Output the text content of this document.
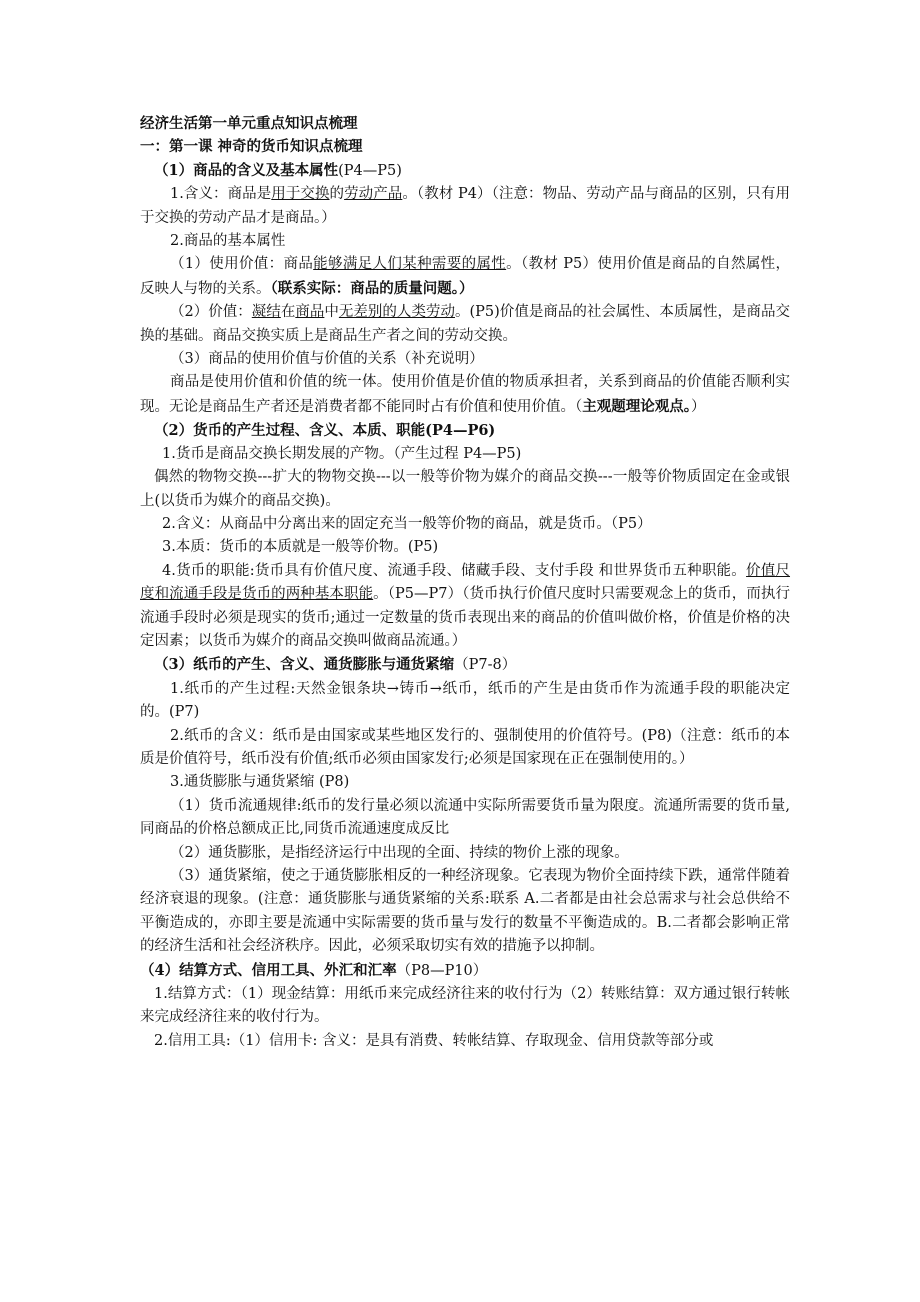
经济生活第一单元重点知识点梳理

一：第一课 神奇的货币知识点梳理

（1）商品的含义及基本属性(P4—P5)

1.含义：商品是用于交换的劳动产品。（教材 P4）（注意：物品、劳动产品与商品的区别，只有用于交换的劳动产品才是商品。）

2.商品的基本属性

（1）使用价值：商品能够满足人们某种需要的属性。（教材 P5）使用价值是商品的自然属性，反映人与物的关系。（联系实际：商品的质量问题。）

（2）价值：凝结在商品中无差别的人类劳动。(P5)价值是商品的社会属性、本质属性，是商品交换的基础。商品交换实质上是商品生产者之间的劳动交换。

（3）商品的使用价值与价值的关系（补充说明）

商品是使用价值和价值的统一体。使用价值是价值的物质承担者，关系到商品的价值能否顺利实现。无论是商品生产者还是消费者都不能同时占有价值和使用价值。（主观题理论观点。）

（2）货币的产生过程、含义、本质、职能(P4—P6)

1.货币是商品交换长期发展的产物。（产生过程 P4—P5)

偶然的物物交换---扩大的物物交换---以一般等价物为媒介的商品交换---一般等价物质固定在金或银上(以货币为媒介的商品交换)。

2.含义：从商品中分离出来的固定充当一般等价物的商品，就是货币。（P5）

3.本质：货币的本质就是一般等价物。(P5)

4.货币的职能:货币具有价值尺度、流通手段、储藏手段、支付手段 和世界货币五种职能。价值尺度和流通手段是货币的两种基本职能。（P5—P7）（货币执行价值尺度时只需要观念上的货币，而执行流通手段时必须是现实的货币;通过一定数量的货币表现出来的商品的价值叫做价格，价值是价格的决定因素；以货币为媒介的商品交换叫做商品流通。）

（3）纸币的产生、含义、通货膨胀与通货紧缩（P7-8）

1.纸币的产生过程:天然金银条块→铸币→纸币，纸币的产生是由货币作为流通手段的职能决定的。(P7)

2.纸币的含义：纸币是由国家或某些地区发行的、强制使用的价值符号。(P8)（注意：纸币的本质是价值符号，纸币没有价值;纸币必须由国家发行;必须是国家现在正在强制使用的。）

3.通货膨胀与通货紧缩 (P8)

（1）货币流通规律:纸币的发行量必须以流通中实际所需要货币量为限度。流通所需要的货币量,同商品的价格总额成正比,同货币流通速度成反比

（2）通货膨胀，是指经济运行中出现的全面、持续的物价上涨的现象。

（3）通货紧缩，使之于通货膨胀相反的一种经济现象。它表现为物价全面持续下跌，通常伴随着经济衰退的现象。(注意：通货膨胀与通货紧缩的关系:联系 A.二者都是由社会总需求与社会总供给不平衡造成的，亦即主要是流通中实际需要的货币量与发行的数量不平衡造成的。B.二者都会影响正常的经济生活和社会经济秩序。因此，必须采取切实有效的措施予以抑制。

（4）结算方式、信用工具、外汇和汇率（P8—P10）

1.结算方式：（1）现金结算：用纸币来完成经济往来的收付行为（2）转账结算：双方通过银行转帐来完成经济往来的收付行为。

2.信用工具:（1）信用卡: 含义：是具有消费、转帐结算、存取现金、信用贷款等部分或
